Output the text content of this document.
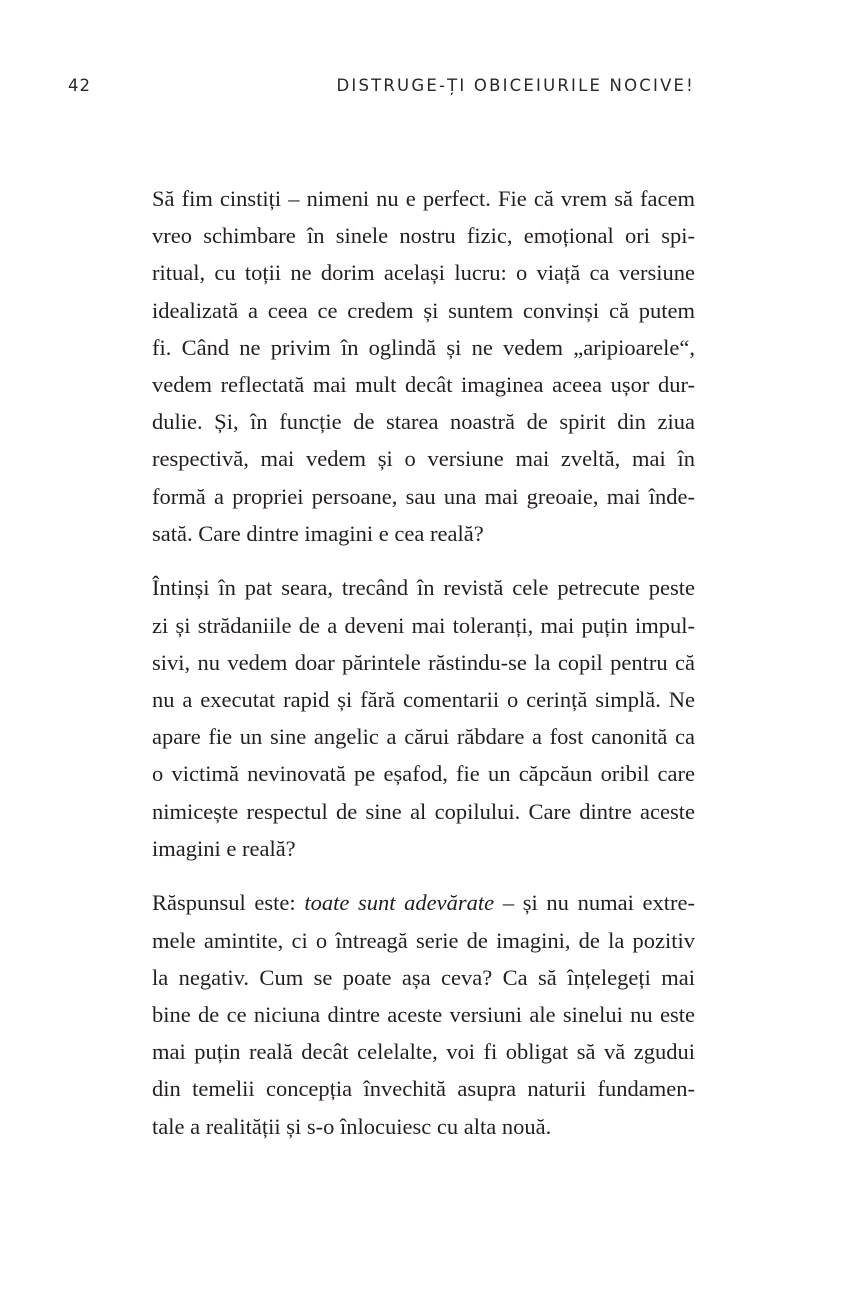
42	DISTRUGE-ȚI OBICEIURILE NOCIVE!

Să fim cinstiți – nimeni nu e perfect. Fie că vrem să facem
vreo schimbare în sinele nostru fizic, emoțional ori spi-
ritual, cu toții ne dorim același lucru: o viață ca versiune
idealizată a ceea ce credem și suntem convinși că putem
fi. Când ne privim în oglindă și ne vedem „aripioarele“,
vedem reflectată mai mult decât imaginea aceea ușor dur-
dulie. Și, în funcție de starea noastră de spirit din ziua
respectivă, mai vedem și o versiune mai zveltă, mai în
formă a propriei persoane, sau una mai greoaie, mai înde-
sată. Care dintre imagini e cea reală?

Întinși în pat seara, trecând în revistă cele petrecute peste
zi și strădaniile de a deveni mai toleranți, mai puțin impul-
sivi, nu vedem doar părintele răstindu-se la copil pentru că
nu a executat rapid și fără comentarii o cerință simplă. Ne
apare fie un sine angelic a cărui răbdare a fost canonită ca
o victimă nevinovată pe eșafod, fie un căpcăun oribil care
nimicește respectul de sine al copilului. Care dintre aceste
imagini e reală?

Răspunsul este: toate sunt adevărate – și nu numai extre-
mele amintite, ci o întreagă serie de imagini, de la pozitiv
la negativ. Cum se poate așa ceva? Ca să înțelegeți mai
bine de ce niciuna dintre aceste versiuni ale sinelui nu este
mai puțin reală decât celelalte, voi fi obligat să vă zgudui
din temelii concepția învechită asupra naturii fundamen-
tale a realității și s-o înlocuiesc cu alta nouă.
